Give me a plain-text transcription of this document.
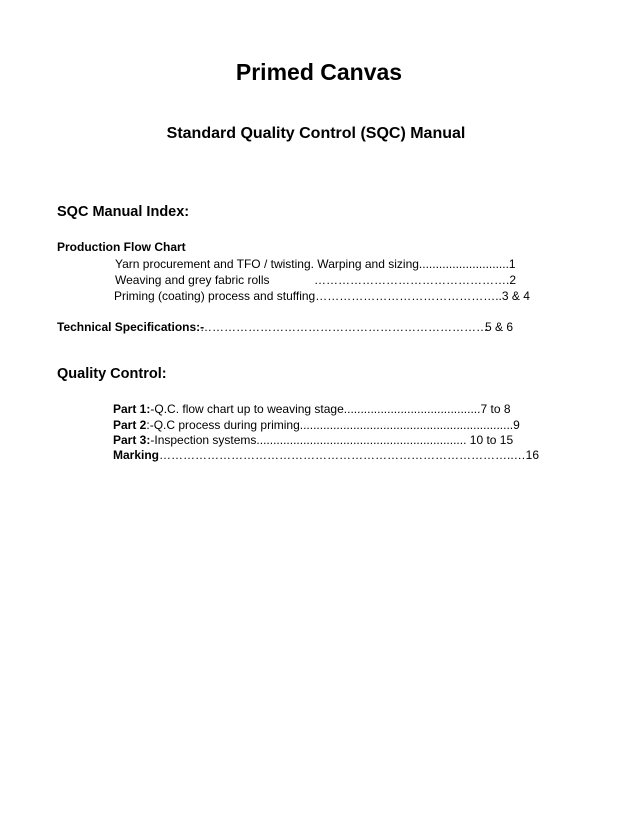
Primed Canvas
Standard Quality Control (SQC) Manual
SQC Manual Index:
Production Flow Chart
Yarn procurement and TFO / twisting. Warping and sizing...........................1
Weaving and grey fabric rolls	………………………………………….2
Priming (coating) process and stuffing………………………………………..3 & 4
Technical Specifications:-
………………………………………………………………
5 & 6
Quality Control:
Part 1:-Q.C. flow chart up to weaving stage.........................................7 to 8
Part 2:-Q.C process during priming................................................................9
Part 3:-Inspection systems............................................................... 10 to 15
Marking……………………………………………………………………………..…16
